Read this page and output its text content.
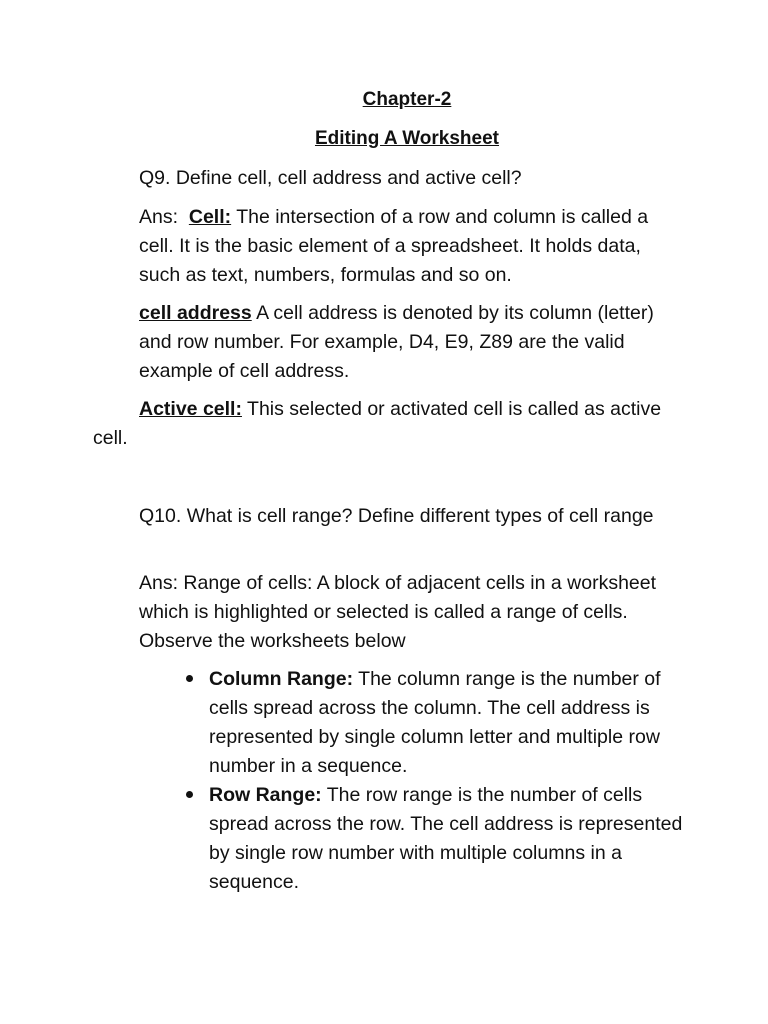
Chapter-2
Editing A Worksheet

Q9. Define cell, cell address and active cell?

Ans:  Cell: The intersection of a row and column is called a cell. It is the basic element of a spreadsheet. It holds data, such as text, numbers, formulas and so on.

cell address A cell address is denoted by its column (letter) and row number. For example, D4, E9, Z89 are the valid example of cell address.

Active cell: This selected or activated cell is called as active cell.

Q10. What is cell range? Define different types of cell range

Ans: Range of cells: A block of adjacent cells in a worksheet which is highlighted or selected is called a range of cells. Observe the worksheets below

Column Range: The column range is the number of cells spread across the column. The cell address is represented by single column letter and multiple row number in a sequence.
Row Range: The row range is the number of cells spread across the row. The cell address is represented by single row number with multiple columns in a sequence.
